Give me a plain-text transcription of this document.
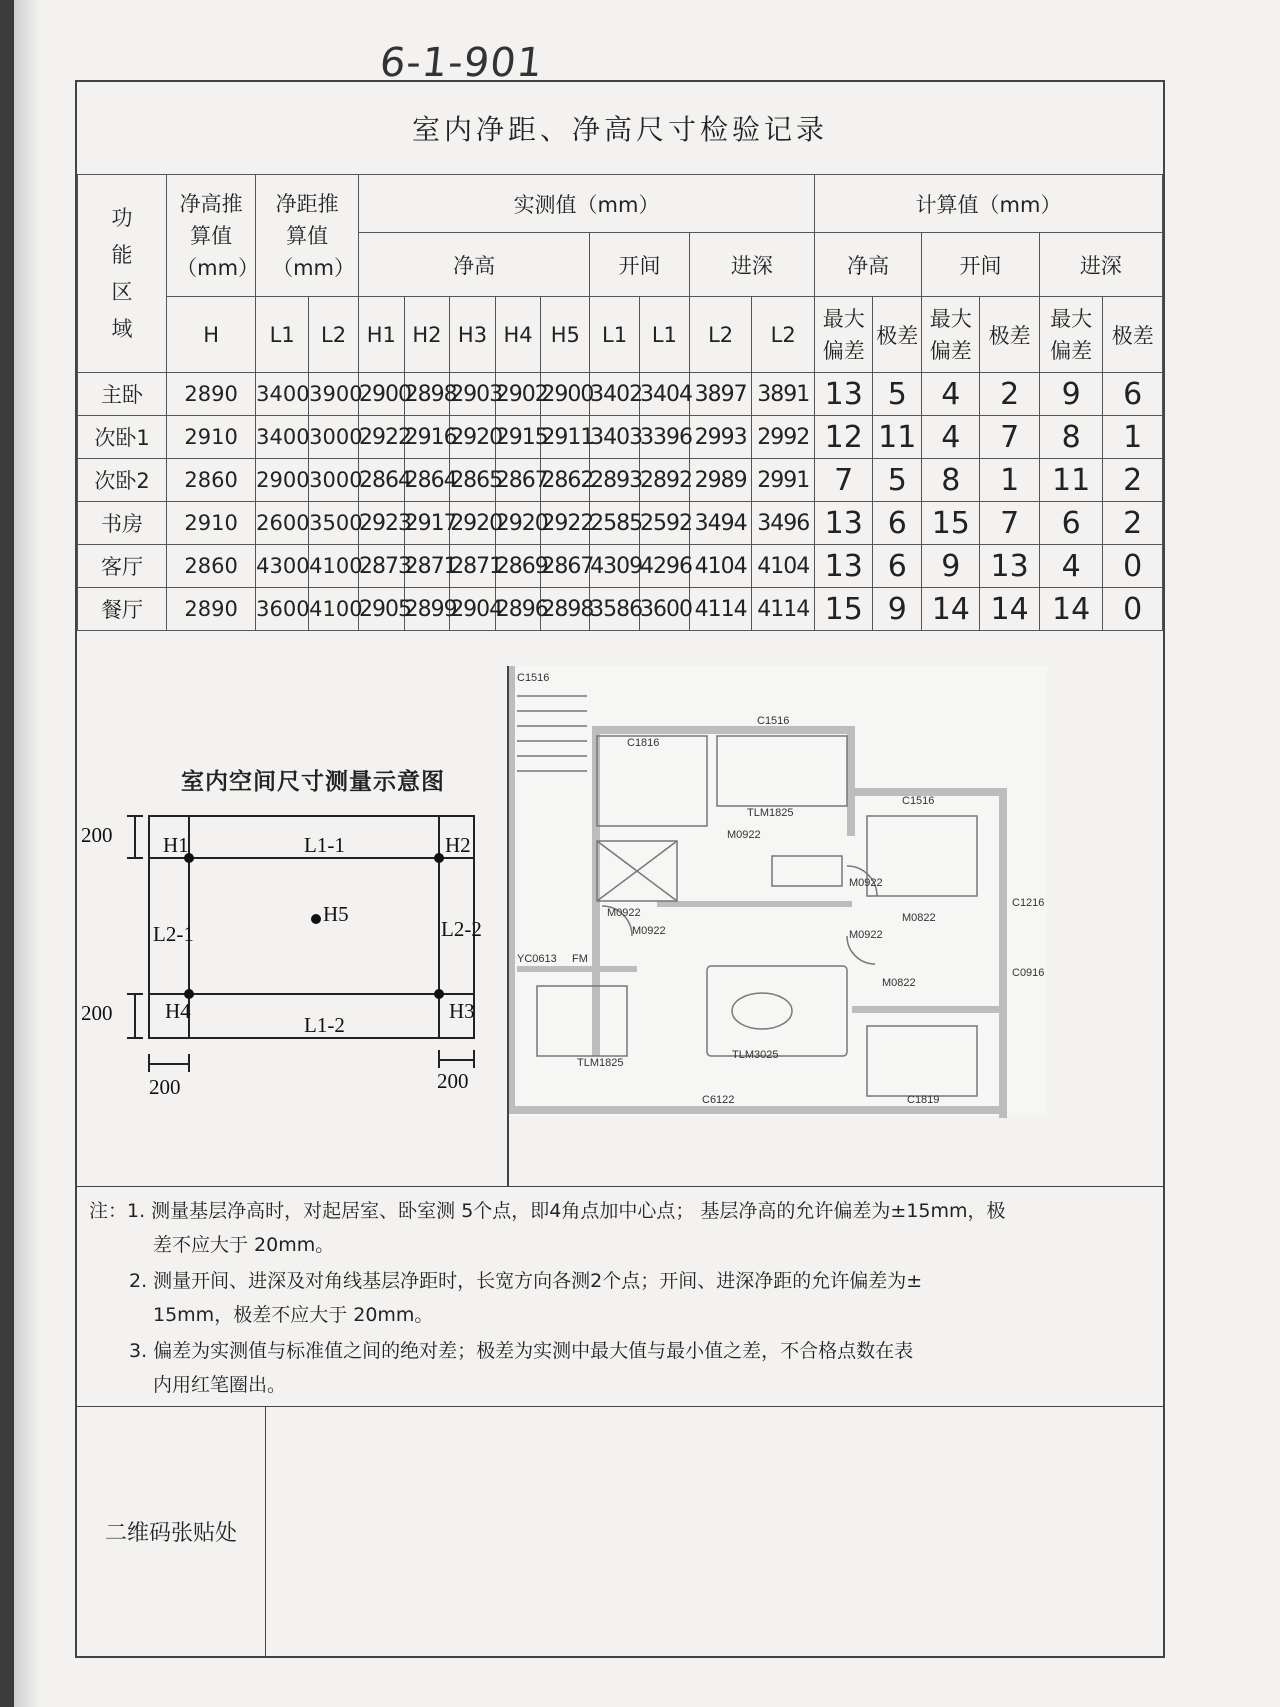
6-1-901
室内净距、净高尺寸检验记录
功能区域	净高推算值（mm）	净距推算值（mm）		实测值（mm）									计算值（mm）					
				净高					开间		进深		净高		开间		进深	
	H	L1	L2	H1	H2	H3	H4	H5	L1	L1	L2	L2	最大偏差	极差	最大偏差	极差	最大偏差	极差
主卧	2890	3400	3900	2900	2898	2903	2902	2900	3402	3404	3897	3891	13	5	4	2	9	6
次卧1	2910	3400	3000	2922	2916	2920	2915	2911	3403	3396	2993	2992	12	11	4	7	8	1
次卧2	2860	2900	3000	2864	2864	2865	2867	2862	2893	2892	2989	2991	7	5	8	1	11	2
书房	2910	2600	3500	2923	2917	2920	2920	2922	2585	2592	3494	3496	13	6	15	7	6	2
客厅	2860	4300	4100	2873	2871	2871	2869	2867	4309	4296	4104	4104	13	6	9	13	4	0
餐厅	2890	3600	4100	2905	2899	2904	2896	2898	3586	3600	4114	4114	15	9	14	14	14	0
室内空间尺寸测量示意图
200
200
200	200
H1	H2
H3
H4
H5
L1-1
L1-2
L2-1	L2-2
C1516
C1516
C1816
TLM1825
C1516
M0922
M0922
M0922	M0922
M0922
YC0613 FM
TLM1825
TLM3025
C6122	C1819
C1216
C0916
M0822
M0822
注：1. 测量基层净高时，对起居室、卧室测 5个点，即4角点加中心点； 基层净高的允许偏差为±15mm，极
差不应大于 20mm。
2. 测量开间、进深及对角线基层净距时，长宽方向各测2个点；开间、进深净距的允许偏差为±
15mm，极差不应大于 20mm。
3. 偏差为实测值与标准值之间的绝对差；极差为实测中最大值与最小值之差，不合格点数在表
内用红笔圈出。
二维码张贴处
